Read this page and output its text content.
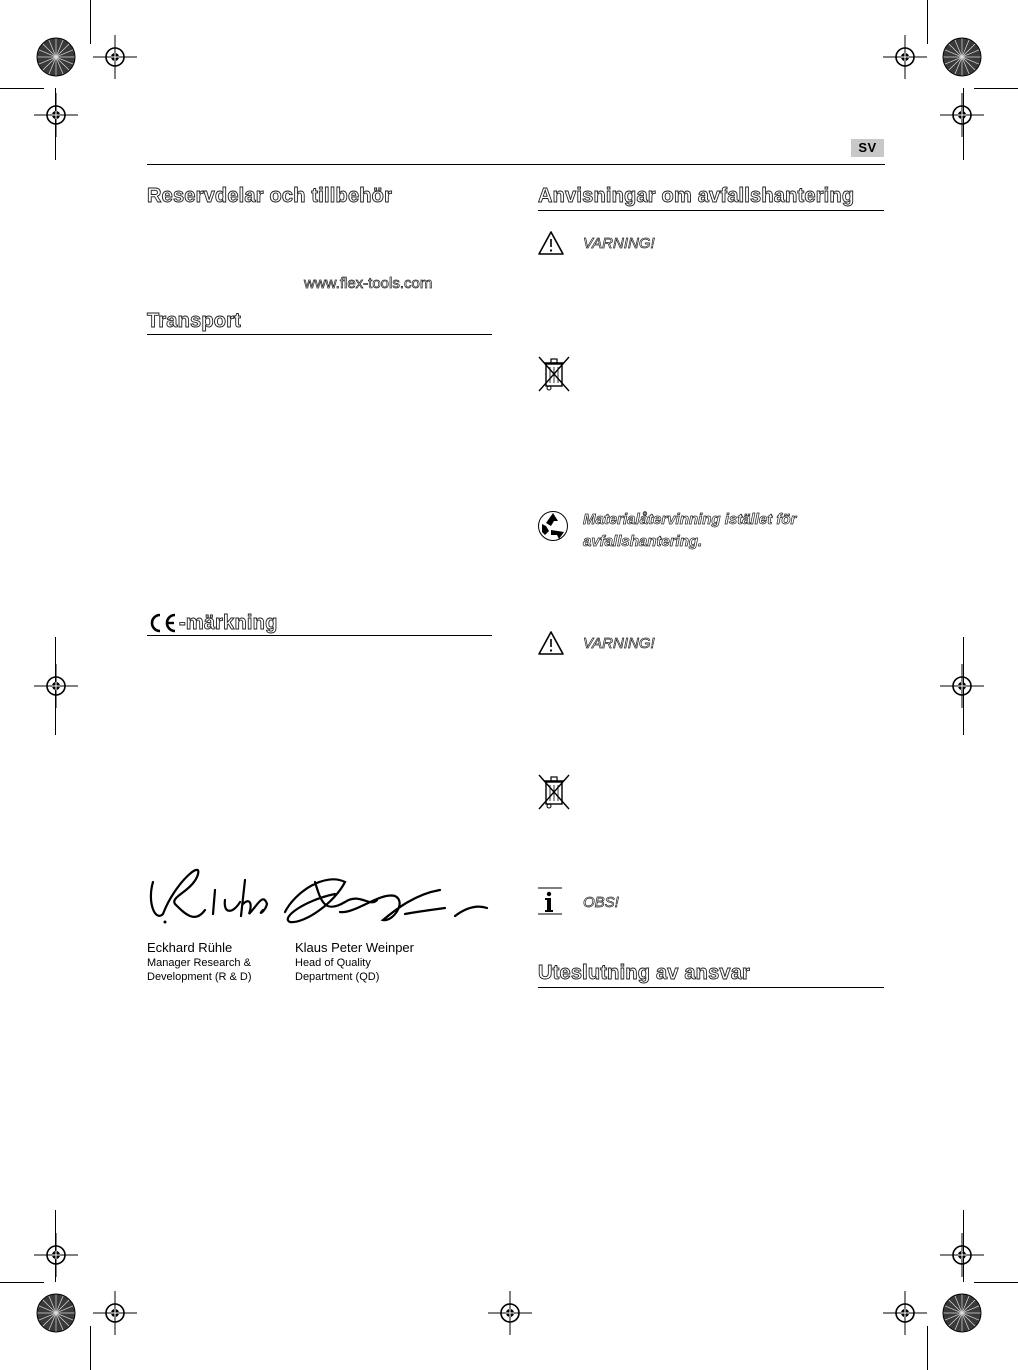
SV
Reservdelar och tillbehör
www.flex-tools.com
Transport
-märkning
Eckhard Rühle
Manager Research &
Development (R & D)
Klaus Peter Weinper
Head of Quality
Department (QD)
Anvisningar om avfallshantering
VARNING!
Materialåtervinning istället för
avfallshantering.
VARNING!
OBS!
Uteslutning av ansvar
